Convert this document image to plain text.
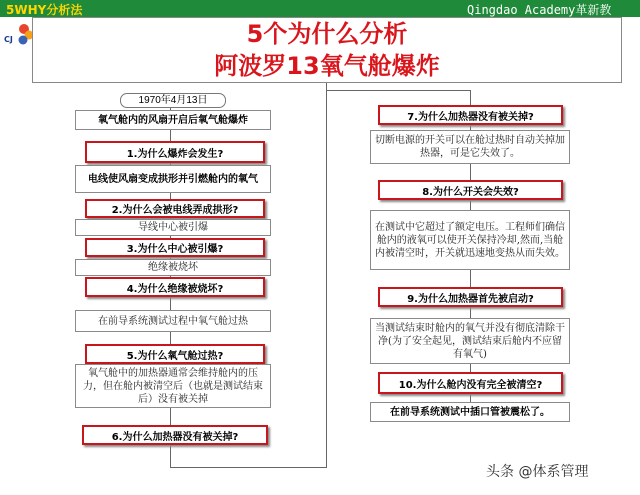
5WHY分析法	Qingdao Academy革新教
CJ	5个为什么分析
阿波罗13氧气舱爆炸
1970年4月13日
氧气舱内的风扇开启后氧气舱爆炸
1.为什么爆炸会发生?
电线使风扇变成拱形并引燃舱内的氧气
2.为什么会被电线弄成拱形?
导线中心被引爆
3.为什么中心被引爆?
绝缘被烧坏
4.为什么绝缘被烧坏?
在前导系统测试过程中氧气舱过热
5.为什么氧气舱过热?
氧气舱中的加热器通常会维持舱内的压力，但在舱内被清空后（也就是测试结束后）没有被关掉
6.为什么加热器没有被关掉?
7.为什么加热器没有被关掉?
切断电源的开关可以在舱过热时自动关掉加热器，可是它失效了。
8.为什么开关会失效?
在测试中它超过了额定电压。工程师们确信舱内的液氧可以使开关保持冷却,然而,当舱内被清空时，开关就迅速地变热从而失效。
9.为什么加热器首先被启动?
当测试结束时舱内的氧气并没有彻底清除干净(为了安全起见，测试结束后舱内不应留有氧气)
10.为什么舱内没有完全被清空?
在前导系统测试中插口管被震松了。
头条 @体系管理
